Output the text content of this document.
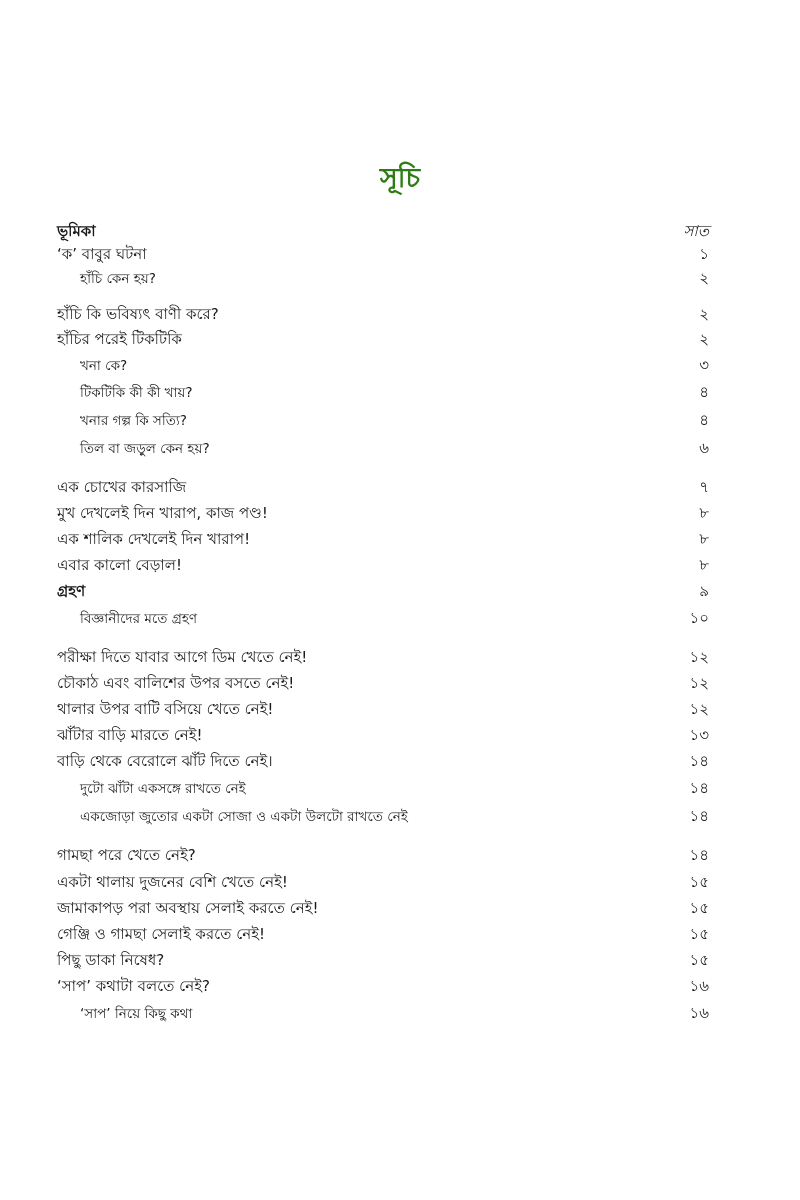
সূচি
ভূমিকা	সাত
‘ক’ বাবুর ঘটনা	১
হাঁচি কেন হয়?	২
হাঁচি কি ভবিষ্যৎ বাণী করে?	২
হাঁচির পরেই টিকটিকি	২
খনা কে?	৩
টিকটিকি কী কী খায়?	৪
খনার গল্প কি সত্যি?	৪
তিল বা জড়ুল কেন হয়?	৬
এক চোখের কারসাজি	৭
মুখ দেখলেই দিন খারাপ, কাজ পণ্ড!	৮
এক শালিক দেখলেই দিন খারাপ!	৮
এবার কালো বেড়াল!	৮
গ্রহণ	৯
বিজ্ঞানীদের মতে গ্রহণ	১০
পরীক্ষা দিতে যাবার আগে ডিম খেতে নেই!	১২
চৌকাঠ এবং বালিশের উপর বসতে নেই!	১২
থালার উপর বাটি বসিয়ে খেতে নেই!	১২
ঝাঁটার বাড়ি মারতে নেই!	১৩
বাড়ি থেকে বেরোলে ঝাঁট দিতে নেই।	১৪
দুটো ঝাঁটা একসঙ্গে রাখতে নেই	১৪
একজোড়া জুতোর একটা সোজা ও একটা উলটো রাখতে নেই	১৪
গামছা পরে খেতে নেই?	১৪
একটা থালায় দুজনের বেশি খেতে নেই!	১৫
জামাকাপড় পরা অবস্থায় সেলাই করতে নেই!	১৫
গেঞ্জি ও গামছা সেলাই করতে নেই!	১৫
পিছু ডাকা নিষেধ?	১৫
‘সাপ’ কথাটা বলতে নেই?	১৬
‘সাপ’ নিয়ে কিছু কথা	১৬
